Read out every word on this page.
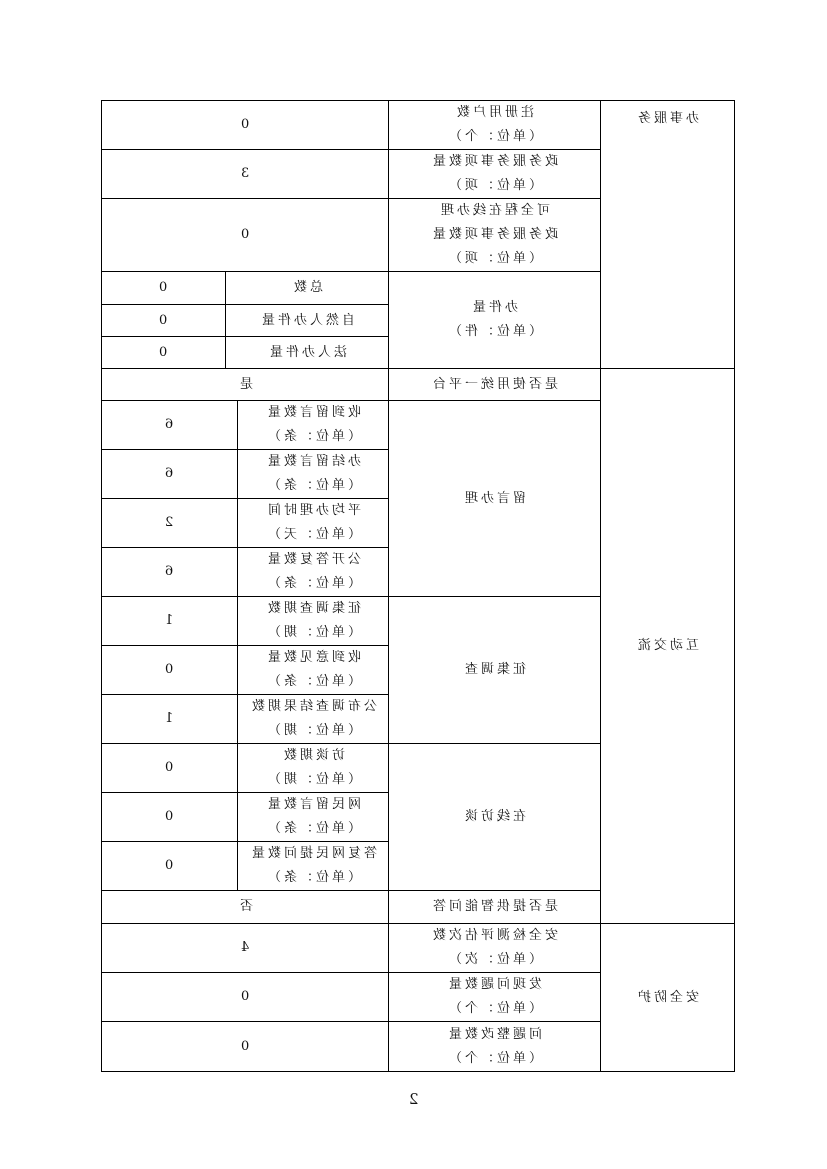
0			注册用户数
（单位：个）	办事服务
3			政务服务事项数量
（单位：项）	
0			可全程在线办理
政务服务事项数量
（单位：项）	
0	总数		办件量
（单位：件）	
0	自然人办件量			
0	法人办件量			
是			是否使用统一平台	互动交流
6		收到留言数量
（单位：条）	留言办理	
6		办结留言数量
（单位：条）		
2		平均办理时间
（单位：天）		
6		公开答复数量
（单位：条）		
1		征集调查期数
（单位：期）	征集调查	
0		收到意见数量
（单位：条）		
1		公布调查结果期数
（单位：期）		
0		访谈期数
（单位：期）	在线访谈	
0		网民留言数量
（单位：条）		
0		答复网民提问数量
（单位：条）		
否			是否提供智能问答	
4			安全检测评估次数
（单位：次）	安全防护
0			发现问题数量
（单位：个）	
0			问题整改数量
（单位：个）	
2
